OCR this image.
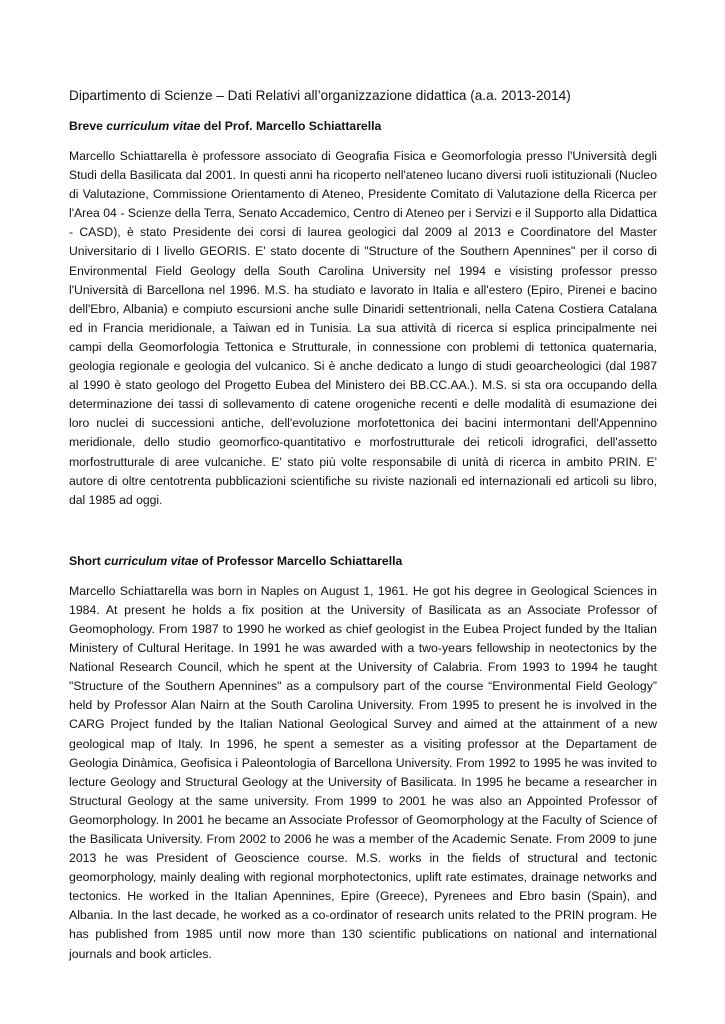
Dipartimento di Scienze – Dati Relativi all’organizzazione didattica (a.a. 2013-2014)

Breve curriculum vitae del Prof. Marcello Schiattarella

Marcello Schiattarella è professore associato di Geografia Fisica e Geomorfologia presso l'Università degli Studi della Basilicata dal 2001. In questi anni ha ricoperto nell'ateneo lucano diversi ruoli istituzionali (Nucleo di Valutazione, Commissione Orientamento di Ateneo, Presidente Comitato di Valutazione della Ricerca per l'Area 04 - Scienze della Terra, Senato Accademico, Centro di Ateneo per i Servizi e il Supporto alla Didattica - CASD), è stato Presidente dei corsi di laurea geologici dal 2009 al 2013 e Coordinatore del Master Universitario di I livello GEORIS. E' stato docente di "Structure of the Southern Apennines" per il corso di Environmental Field Geology della South Carolina University nel 1994 e visisting professor presso l'Università di Barcellona nel 1996. M.S. ha studiato e lavorato in Italia e all'estero (Epiro, Pirenei e bacino dell'Ebro, Albania) e compiuto escursioni anche sulle Dinaridi settentrionali, nella Catena Costiera Catalana ed in Francia meridionale, a Taiwan ed in Tunisia. La sua attività di ricerca si esplica principalmente nei campi della Geomorfologia Tettonica e Strutturale, in connessione con problemi di tettonica quaternaria, geologia regionale e geologia del vulcanico. Si è anche dedicato a lungo di studi geoarcheologici (dal 1987 al 1990 è stato geologo del Progetto Eubea del Ministero dei BB.CC.AA.). M.S. si sta ora occupando della determinazione dei tassi di sollevamento di catene orogeniche recenti e delle modalità di esumazione dei loro nuclei di successioni antiche, dell'evoluzione morfotettonica dei bacini intermontani dell'Appennino meridionale, dello studio geomorfico-quantitativo e morfostrutturale dei reticoli idrografici, dell'assetto morfostrutturale di aree vulcaniche. E' stato più volte responsabile di unità di ricerca in ambito PRIN. E' autore di oltre centotrenta pubblicazioni scientifiche su riviste nazionali ed internazionali ed articoli su libro, dal 1985 ad oggi.

Short curriculum vitae of Professor Marcello Schiattarella

Marcello Schiattarella was born in Naples on August 1, 1961. He got his degree in Geological Sciences in 1984. At present he holds a fix position at the University of Basilicata as an Associate Professor of Geomophology. From 1987 to 1990 he worked as chief geologist in the Eubea Project funded by the Italian Ministery of Cultural Heritage. In 1991 he was awarded with a two-years fellowship in neotectonics by the National Research Council, which he spent at the University of Calabria. From 1993 to 1994 he taught "Structure of the Southern Apennines" as a compulsory part of the course “Environmental Field Geology” held by Professor Alan Nairn at the South Carolina University. From 1995 to present he is involved in the CARG Project funded by the Italian National Geological Survey and aimed at the attainment of a new geological map of Italy. In 1996, he spent a semester as a visiting professor at the Departament de Geologia Dinàmica, Geofisica i Paleontologia of Barcellona University. From 1992 to 1995 he was invited to lecture Geology and Structural Geology at the University of Basilicata. In 1995 he became a researcher in Structural Geology at the same university. From 1999 to 2001 he was also an Appointed Professor of Geomorphology. In 2001 he became an Associate Professor of Geomorphology at the Faculty of Science of the Basilicata University. From 2002 to 2006 he was a member of the Academic Senate. From 2009 to june 2013 he was President of Geoscience course. M.S. works in the fields of structural and tectonic geomorphology, mainly dealing with regional morphotectonics, uplift rate estimates, drainage networks and tectonics. He worked in the Italian Apennines, Epire (Greece), Pyrenees and Ebro basin (Spain), and Albania. In the last decade, he worked as a co-ordinator of research units related to the PRIN program. He has published from 1985 until now more than 130 scientific publications on national and international journals and book articles.
